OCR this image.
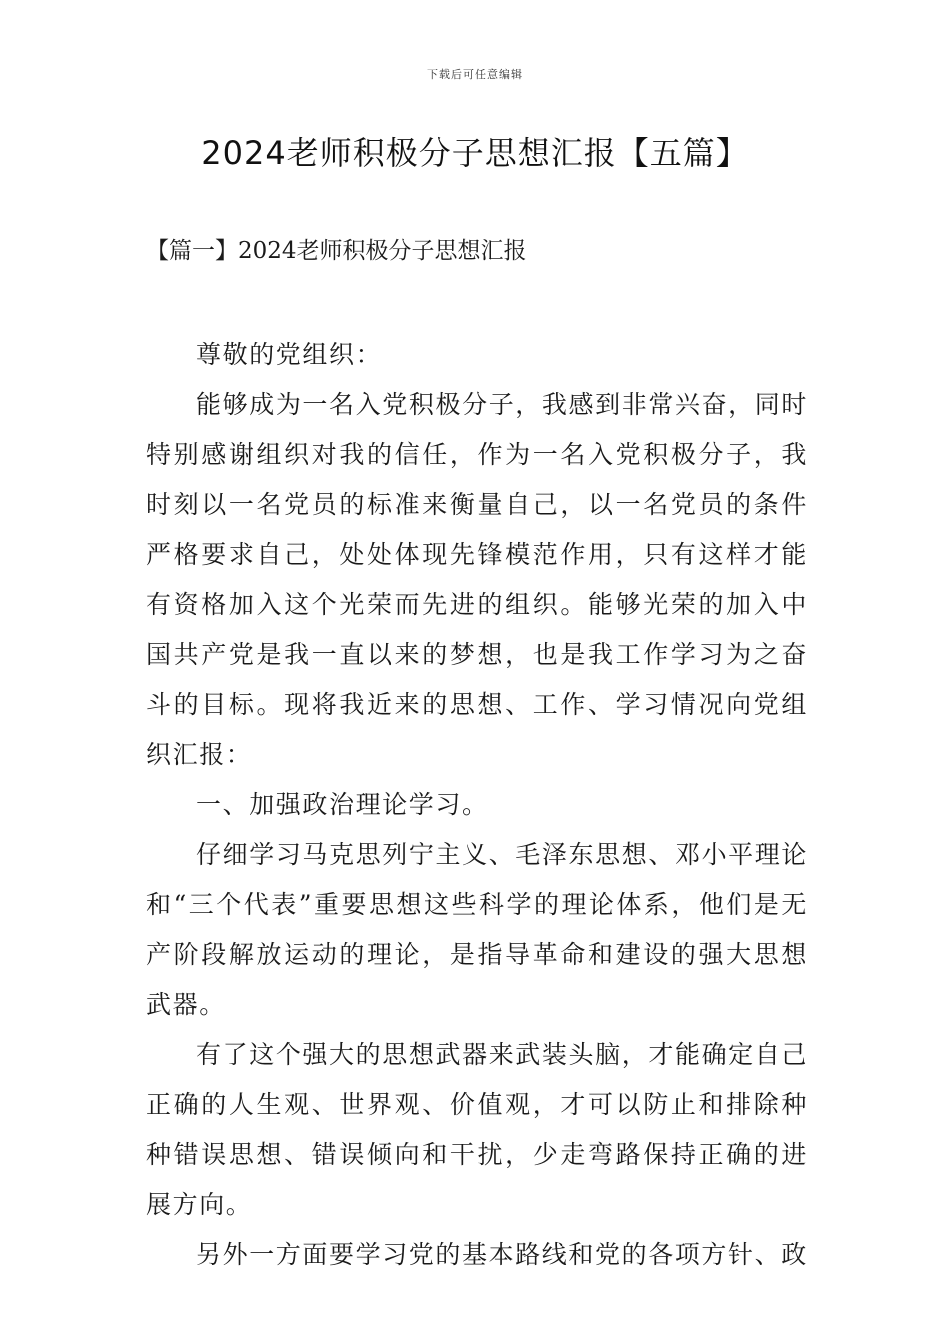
下载后可任意编辑
2024老师积极分子思想汇报【五篇】
【篇一】2024老师积极分子思想汇报

尊敬的党组织：

能够成为一名入党积极分子，我感到非常兴奋，同时特别感谢组织对我的信任，作为一名入党积极分子，我时刻以一名党员的标准来衡量自己，以一名党员的条件严格要求自己，处处体现先锋模范作用，只有这样才能有资格加入这个光荣而先进的组织。能够光荣的加入中国共产党是我一直以来的梦想，也是我工作学习为之奋斗的目标。现将我近来的思想、工作、学习情况向党组织汇报：

一、加强政治理论学习。

仔细学习马克思列宁主义、毛泽东思想、邓小平理论和“三个代表”重要思想这些科学的理论体系，他们是无产阶段解放运动的理论，是指导革命和建设的强大思想武器。

有了这个强大的思想武器来武装头脑，才能确定自己正确的人生观、世界观、价值观，才可以防止和排除种种错误思想、错误倾向和干扰，少走弯路保持正确的进展方向。

另外一方面要学习党的基本路线和党的各项方针、政
